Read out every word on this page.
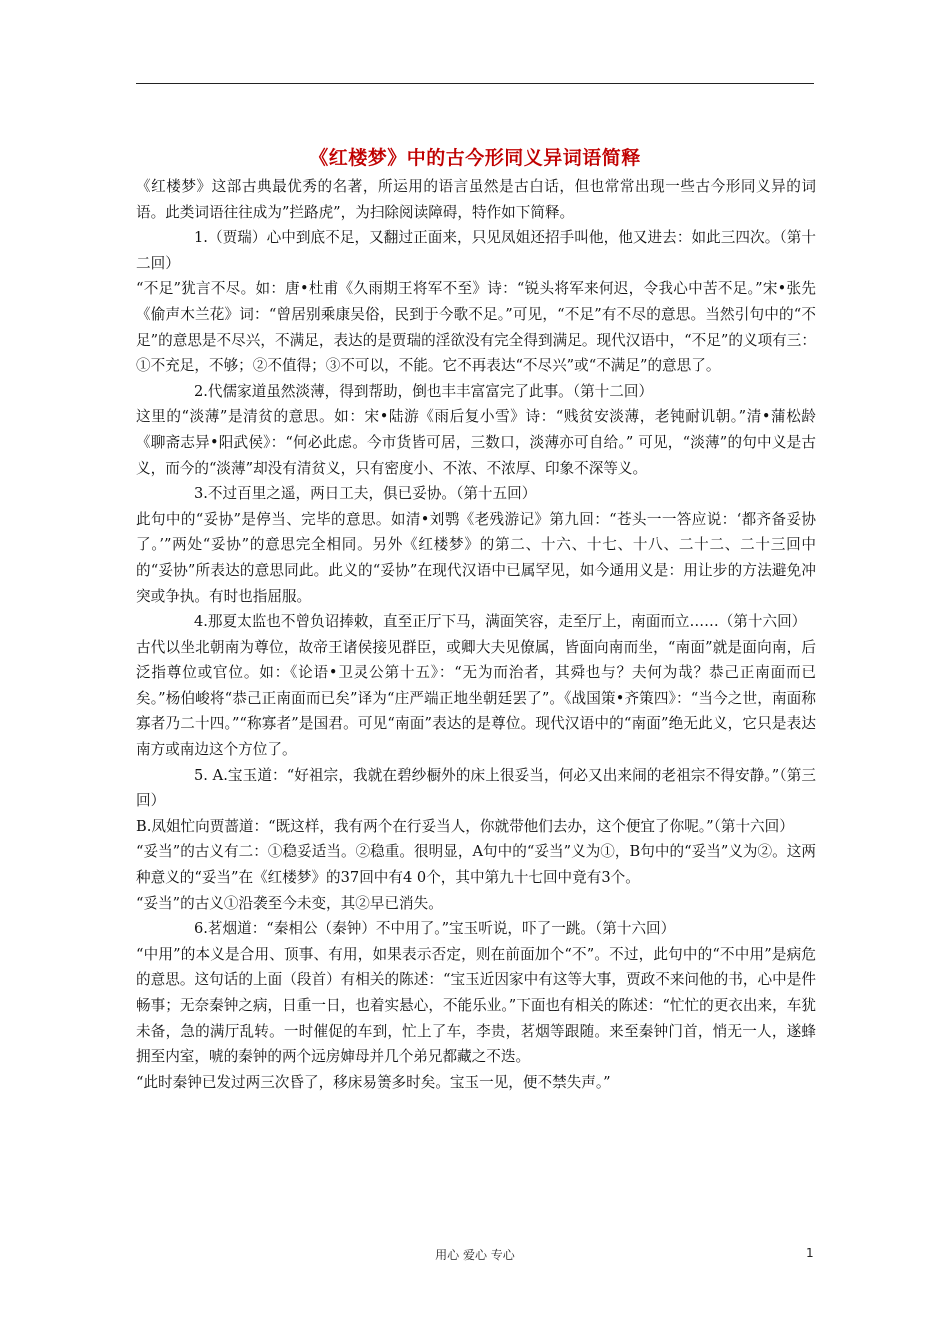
《红楼梦》中的古今形同义异词语简释

《红楼梦》这部古典最优秀的名著，所运用的语言虽然是古白话，但也常常出现一些古今形同义异的词语。此类词语往往成为”拦路虎”，为扫除阅读障碍，特作如下简释。

1.（贾瑞）心中到底不足，又翻过正面来，只见凤姐还招手叫他，他又进去：如此三四次。（第十二回）

“不足”犹言不尽。如：唐•杜甫《久雨期王将军不至》诗：“锐头将军来何迟，令我心中苦不足。”宋•张先《偷声木兰花》词：“曾居别乘康吴俗，民到于今歌不足。”可见，“不足”有不尽的意思。当然引句中的“不足”的意思是不尽兴，不满足，表达的是贾瑞的淫欲没有完全得到满足。现代汉语中，“不足”的义项有三：①不充足，不够；②不值得；③不可以，不能。它不再表达“不尽兴”或“不满足”的意思了。

2.代儒家道虽然淡薄，得到帮助，倒也丰丰富富完了此事。（第十二回）

这里的“淡薄”是清贫的意思。如：宋•陆游《雨后复小雪》诗：“贱贫安淡薄，老钝耐讥朝。”清•蒲松龄《聊斋志异•阳武侯》：“何必此虑。今市货皆可居，三数口，淡薄亦可自给。” 可见，“淡薄”的句中义是古义，而今的“淡薄”却没有清贫义，只有密度小、不浓、不浓厚、印象不深等义。

3.不过百里之遥，两日工夫，俱已妥协。（第十五回）

此句中的“妥协”是停当、完毕的意思。如清•刘鹗《老残游记》第九回：“苍头一一答应说：‘都齐备妥协了。’”两处“妥协”的意思完全相同。另外《红楼梦》的第二、十六、十七、十八、二十二、二十三回中的“妥协”所表达的意思同此。此义的“妥协”在现代汉语中已属罕见，如今通用义是：用让步的方法避免冲突或争执。有时也指屈服。

4.那夏太监也不曾负诏捧敕，直至正厅下马，满面笑容，走至厅上，南面而立……（第十六回）

古代以坐北朝南为尊位，故帝王诸侯接见群臣，或卿大夫见僚属，皆面向南而坐，“南面”就是面向南，后泛指尊位或官位。如：《论语•卫灵公第十五》：“无为而治者，其舜也与？夫何为哉？恭己正南面而已矣。”杨伯峻将“恭己正南面而已矣”译为“庄严端正地坐朝廷罢了”。《战国策•齐策四》：“当今之世，南面称寡者乃二十四。”“称寡者”是国君。可见“南面”表达的是尊位。现代汉语中的“南面”绝无此义，它只是表达南方或南边这个方位了。

5. A.宝玉道：“好祖宗，我就在碧纱橱外的床上很妥当，何必又出来闹的老祖宗不得安静。”（第三回）

B.凤姐忙向贾蔷道：“既这样，我有两个在行妥当人，你就带他们去办，这个便宜了你呢。”（第十六回）

“妥当”的古义有二：①稳妥适当。②稳重。很明显，A句中的“妥当”义为①，B句中的“妥当”义为②。这两种意义的“妥当”在《红楼梦》的37回中有4 0个，其中第九十七回中竟有3个。

“妥当”的古义①沿袭至今未变，其②早已消失。

6.茗烟道：“秦相公（秦钟）不中用了。”宝玉听说，吓了一跳。（第十六回）

“中用”的本义是合用、顶事、有用，如果表示否定，则在前面加个“不”。不过，此句中的“不中用”是病危的意思。这句话的上面（段首）有相关的陈述：“宝玉近因家中有这等大事，贾政不来问他的书，心中是件畅事；无奈秦钟之病，日重一日，也着实悬心，不能乐业。”下面也有相关的陈述：“忙忙的更衣出来，车犹未备，急的满厅乱转。一时催促的车到，忙上了车，李贵，茗烟等跟随。来至秦钟门首，悄无一人，遂蜂拥至内室，唬的秦钟的两个远房婶母并几个弟兄都藏之不迭。

“此时秦钟已发过两三次昏了，移床易箦多时矣。宝玉一见，便不禁失声。”

用心 爱心 专心	1
